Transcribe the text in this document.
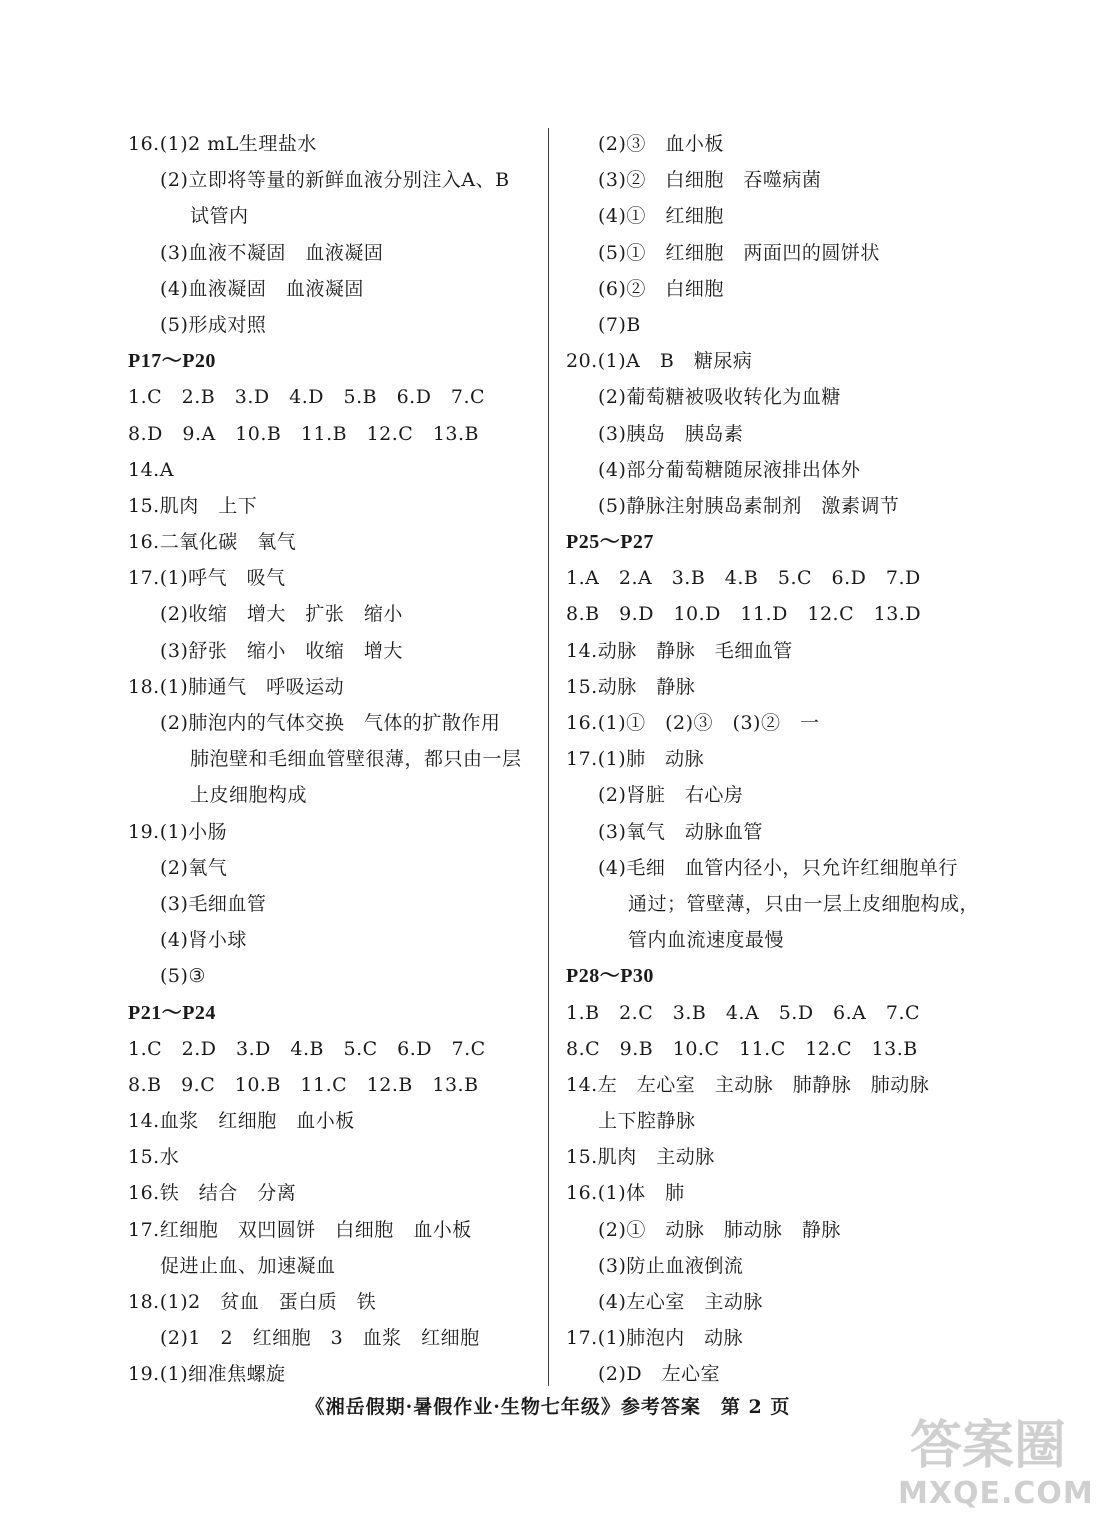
16.(1)2 mL生理盐水
(2)立即将等量的新鲜血液分别注入A、B
试管内
(3)血液不凝固　血液凝固
(4)血液凝固　血液凝固
(5)形成对照
P17～P20
1.C　2.B　3.D　4.D　5.B　6.D　7.C
8.D　9.A　10.B　11.B　12.C　13.B
14.A
15.肌肉　上下
16.二氧化碳　氧气
17.(1)呼气　吸气
(2)收缩　增大　扩张　缩小
(3)舒张　缩小　收缩　增大
18.(1)肺通气　呼吸运动
(2)肺泡内的气体交换　气体的扩散作用
肺泡壁和毛细血管壁很薄，都只由一层
上皮细胞构成
19.(1)小肠
(2)氧气
(3)毛细血管
(4)肾小球
(5)③
P21～P24
1.C　2.D　3.D　4.B　5.C　6.D　7.C
8.B　9.C　10.B　11.C　12.B　13.B
14.血浆　红细胞　血小板
15.水
16.铁　结合　分离
17.红细胞　双凹圆饼　白细胞　血小板
促进止血、加速凝血
18.(1)2　贫血　蛋白质　铁
(2)1　2　红细胞　3　血浆　红细胞
19.(1)细准焦螺旋
(2)③　血小板
(3)②　白细胞　吞噬病菌
(4)①　红细胞
(5)①　红细胞　两面凹的圆饼状
(6)②　白细胞
(7)B
20.(1)A　B　糖尿病
(2)葡萄糖被吸收转化为血糖
(3)胰岛　胰岛素
(4)部分葡萄糖随尿液排出体外
(5)静脉注射胰岛素制剂　激素调节
P25～P27
1.A　2.A　3.B　4.B　5.C　6.D　7.D
8.B　9.D　10.D　11.D　12.C　13.D
14.动脉　静脉　毛细血管
15.动脉　静脉
16.(1)①　(2)③　(3)②　一
17.(1)肺　动脉
(2)肾脏　右心房
(3)氧气　动脉血管
(4)毛细　血管内径小，只允许红细胞单行
通过；管壁薄，只由一层上皮细胞构成，
管内血流速度最慢
P28～P30
1.B　2.C　3.B　4.A　5.D　6.A　7.C
8.C　9.B　10.C　11.C　12.C　13.B
14.左　左心室　主动脉　肺静脉　肺动脉
上下腔静脉
15.肌肉　主动脉
16.(1)体　肺
(2)①　动脉　肺动脉　静脉
(3)防止血液倒流
(4)左心室　主动脉
17.(1)肺泡内　动脉
(2)D　左心室
《湘岳假期·暑假作业·生物七年级》参考答案　第 2 页
答案圈
MXQE.COM
